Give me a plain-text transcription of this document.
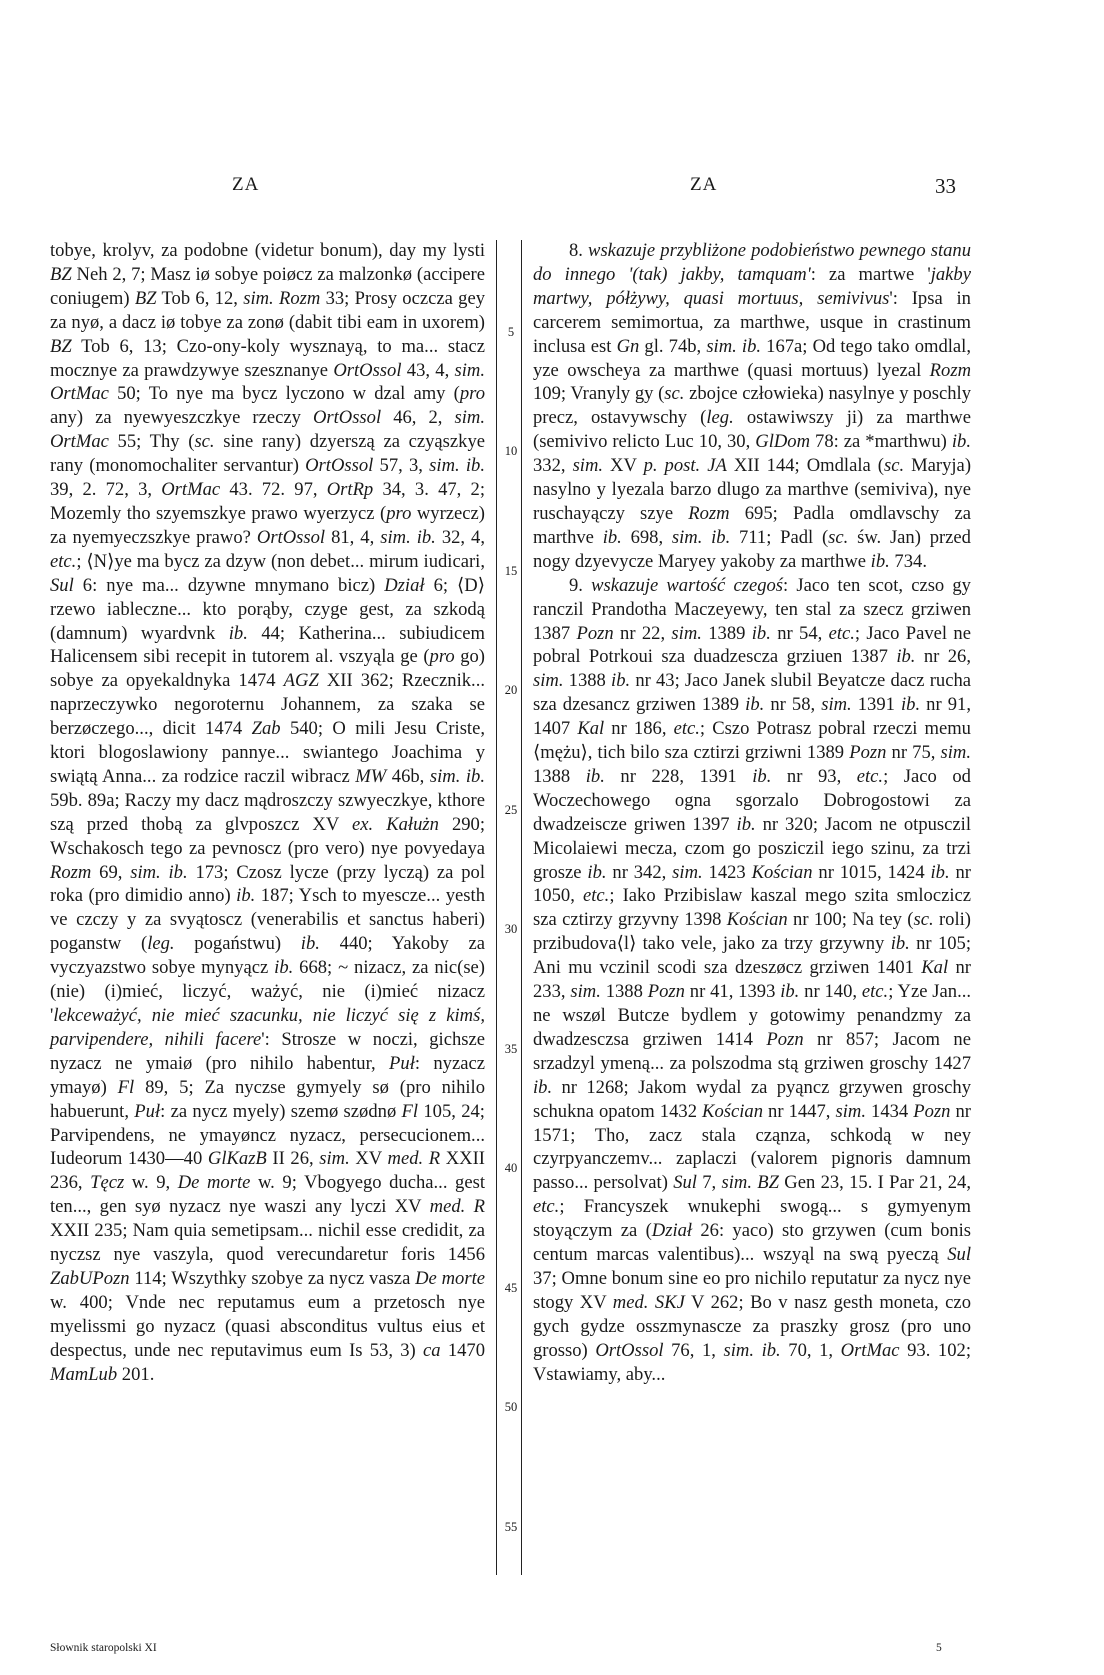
ZA	ZA	33
5
10
15
20
25
30
35
40
45
50
55

tobye, krolyv, za podobne (videtur bonum), day my lysti BZ Neh 2, 7; Masz iø sobye poiøcz za malzonkø (accipere coniugem) BZ Tob 6, 12, sim. Rozm 33; Prosy oczcza gey za nyø, a dacz iø tobye za zonø (dabit tibi eam in uxorem) BZ Tob 6, 13; Czo-ony-koly wysznayą, to ma... stacz mocznye za prawdzywye szesznanye OrtOssol 43, 4, sim. OrtMac 50; To nye ma bycz lyczono w dzal amy (pro any) za nyewyeszczkye rzeczy OrtOssol 46, 2, sim. OrtMac 55; Thy (sc. sine rany) dzyerszą za czyąszkye rany (monomochaliter servantur) OrtOssol 57, 3, sim. ib. 39, 2. 72, 3, OrtMac 43. 72. 97, OrtRp 34, 3. 47, 2; Mozemly tho szyemszkye prawo wyerzycz (pro wyrzecz) za nyemyeczszkye prawo? OrtOssol 81, 4, sim. ib. 32, 4, etc.; ⟨N⟩ye ma bycz za dzyw (non debet... mirum iudicari, Sul 6: nye ma... dzywne mnymano bicz) Dział 6; ⟨D⟩rzewo iableczne... kto porąby, czyge gest, za szkodą (damnum) wyardvnk ib. 44; Katherina... subiudicem Halicensem sibi recepit in tutorem al. vszyąla ge (pro go) sobye za opyekaldnyka 1474 AGZ XII 362; Rzecznik... naprzeczywko negoroternu Johannem, za szaka se berzøczego..., dicit 1474 Zab 540; O mili Jesu Criste, ktori blogoslawiony pannye... swiantego Joachima y swiątą Anna... za rodzice raczil wibracz MW 46b, sim. ib. 59b. 89a; Raczy my dacz mądroszczy szwyeczkye, kthore szą przed thobą za glvposzcz XV ex. Kałużn 290; Wschakosch tego za pevnoscz (pro vero) nye povyedaya Rozm 69, sim. ib. 173; Czosz lycze (przy lyczą) za pol roka (pro dimidio anno) ib. 187; Ysch to myescze... yesth ve czczy y za svyątoscz (venerabilis et sanctus haberi) poganstw (leg. pogaństwu) ib. 440; Yakoby za vyczyazstwo sobye mynyącz ib. 668; ~ nizacz, za nic(se) (nie) (i)mieć, liczyć, ważyć, nie (i)mieć nizacz 'lekceważyć, nie mieć szacunku, nie liczyć się z kimś, parvipendere, nihili facere': Strosze w noczi, gichsze nyzacz ne ymaiø (pro nihilo habentur, Puł: nyzacz ymayø) Fl 89, 5; Za nyczse gymyely sø (pro nihilo habuerunt, Puł: za nycz myely) szemø szødnø Fl 105, 24; Parvipendens, ne ymayøncz nyzacz, persecucionem... Iudeorum 1430—40 GlKazB II 26, sim. XV med. R XXII 236, Tęcz w. 9, De morte w. 9; Vbogyego ducha... gest ten..., gen syø nyzacz nye waszi any lyczi XV med. R XXII 235; Nam quia semetipsam... nichil esse credidit, za nyczsz nye vaszyla, quod verecundaretur foris 1456 ZabUPozn 114; Wszythky szobye za nycz vasza De morte w. 400; Vnde nec reputamus eum a przetosch nye myelissmi go nyzacz (quasi absconditus vultus eius et despectus, unde nec reputavimus eum Is 53, 3) ca 1470 MamLub 201.

8. wskazuje przybliżone podobieństwo pewnego stanu do innego '(tak) jakby, tamquam': za martwe 'jakby martwy, półżywy, quasi mortuus, semivivus': Ipsa in carcerem semimortua, za marthwe, usque in crastinum inclusa est Gn gl. 74b, sim. ib. 167a; Od tego tako omdlal, yze owscheya za marthwe (quasi mortuus) lyezal Rozm 109; Vranyly gy (sc. zbojce człowieka) nasylnye y poschly precz, ostavywschy (leg. ostawiwszy ji) za marthwe (semivivo relicto Luc 10, 30, GlDom 78: za *marthwu) ib. 332, sim. XV p. post. JA XII 144; Omdlala (sc. Maryja) nasylno y lyezala barzo dlugo za marthve (semiviva), nye ruschayączy szye Rozm 695; Padla omdlavschy za marthve ib. 698, sim. ib. 711; Padl (sc. św. Jan) przed nogy dzyevycze Maryey yakoby za marthwe ib. 734.

9. wskazuje wartość czegoś: Jaco ten scot, czso gy ranczil Prandotha Maczeyewy, ten stal za szecz grziwen 1387 Pozn nr 22, sim. 1389 ib. nr 54, etc.; Jaco Pavel ne pobral Potrkoui sza duadzescza grziuen 1387 ib. nr 26, sim. 1388 ib. nr 43; Jaco Janek slubil Beyatcze dacz rucha sza dzesancz grziwen 1389 ib. nr 58, sim. 1391 ib. nr 91, 1407 Kal nr 186, etc.; Cszo Potrasz pobral rzeczi memu ⟨mężu⟩, tich bilo sza cztirzi grziwni 1389 Pozn nr 75, sim. 1388 ib. nr 228, 1391 ib. nr 93, etc.; Jaco od Woczechowego ogna sgorzalo Dobrogostowi za dwadzeiscze griwen 1397 ib. nr 320; Jacom ne otpusczil Micolaiewi mecza, czom go posziczil iego szinu, za trzi grosze ib. nr 342, sim. 1423 Kościan nr 1015, 1424 ib. nr 1050, etc.; Iako Przibislaw kaszal mego szita smloczicz sza cztirzy grzyvny 1398 Kościan nr 100; Na tey (sc. roli) przibudova⟨l⟩ tako vele, jako za trzy grzywny ib. nr 105; Ani mu vczinil scodi sza dzeszøcz grziwen 1401 Kal nr 233, sim. 1388 Pozn nr 41, 1393 ib. nr 140, etc.; Yze Jan... ne wszøl Butcze bydlem y gotowimy penandzmy za dwadzesczsa grziwen 1414 Pozn nr 857; Jacom ne srzadzyl ymeną... za polszodma stą grziwen groschy 1427 ib. nr 1268; Jakom wydal za pyąncz grzywen groschy schukna opatom 1432 Kościan nr 1447, sim. 1434 Pozn nr 1571; Tho, zacz stala cząnza, schkodą w ney czyrpyanczemv... zaplaczi (valorem pignoris damnum passo... persolvat) Sul 7, sim. BZ Gen 23, 15. I Par 21, 24, etc.; Francyszek wnukephi swogą... s gymyenym stoyączym za (Dział 26: yaco) sto grzywen (cum bonis centum marcas valentibus)... wszyąl na swą pyeczą Sul 37; Omne bonum sine eo pro nichilo reputatur za nycz nye stogy XV med. SKJ V 262; Bo v nasz gesth moneta, czo gych gydze osszmynascze za praszky grosz (pro uno grosso) OrtOssol 76, 1, sim. ib. 70, 1, OrtMac 93. 102; Vstawiamy, aby...

Słownik staropolski XI	5
